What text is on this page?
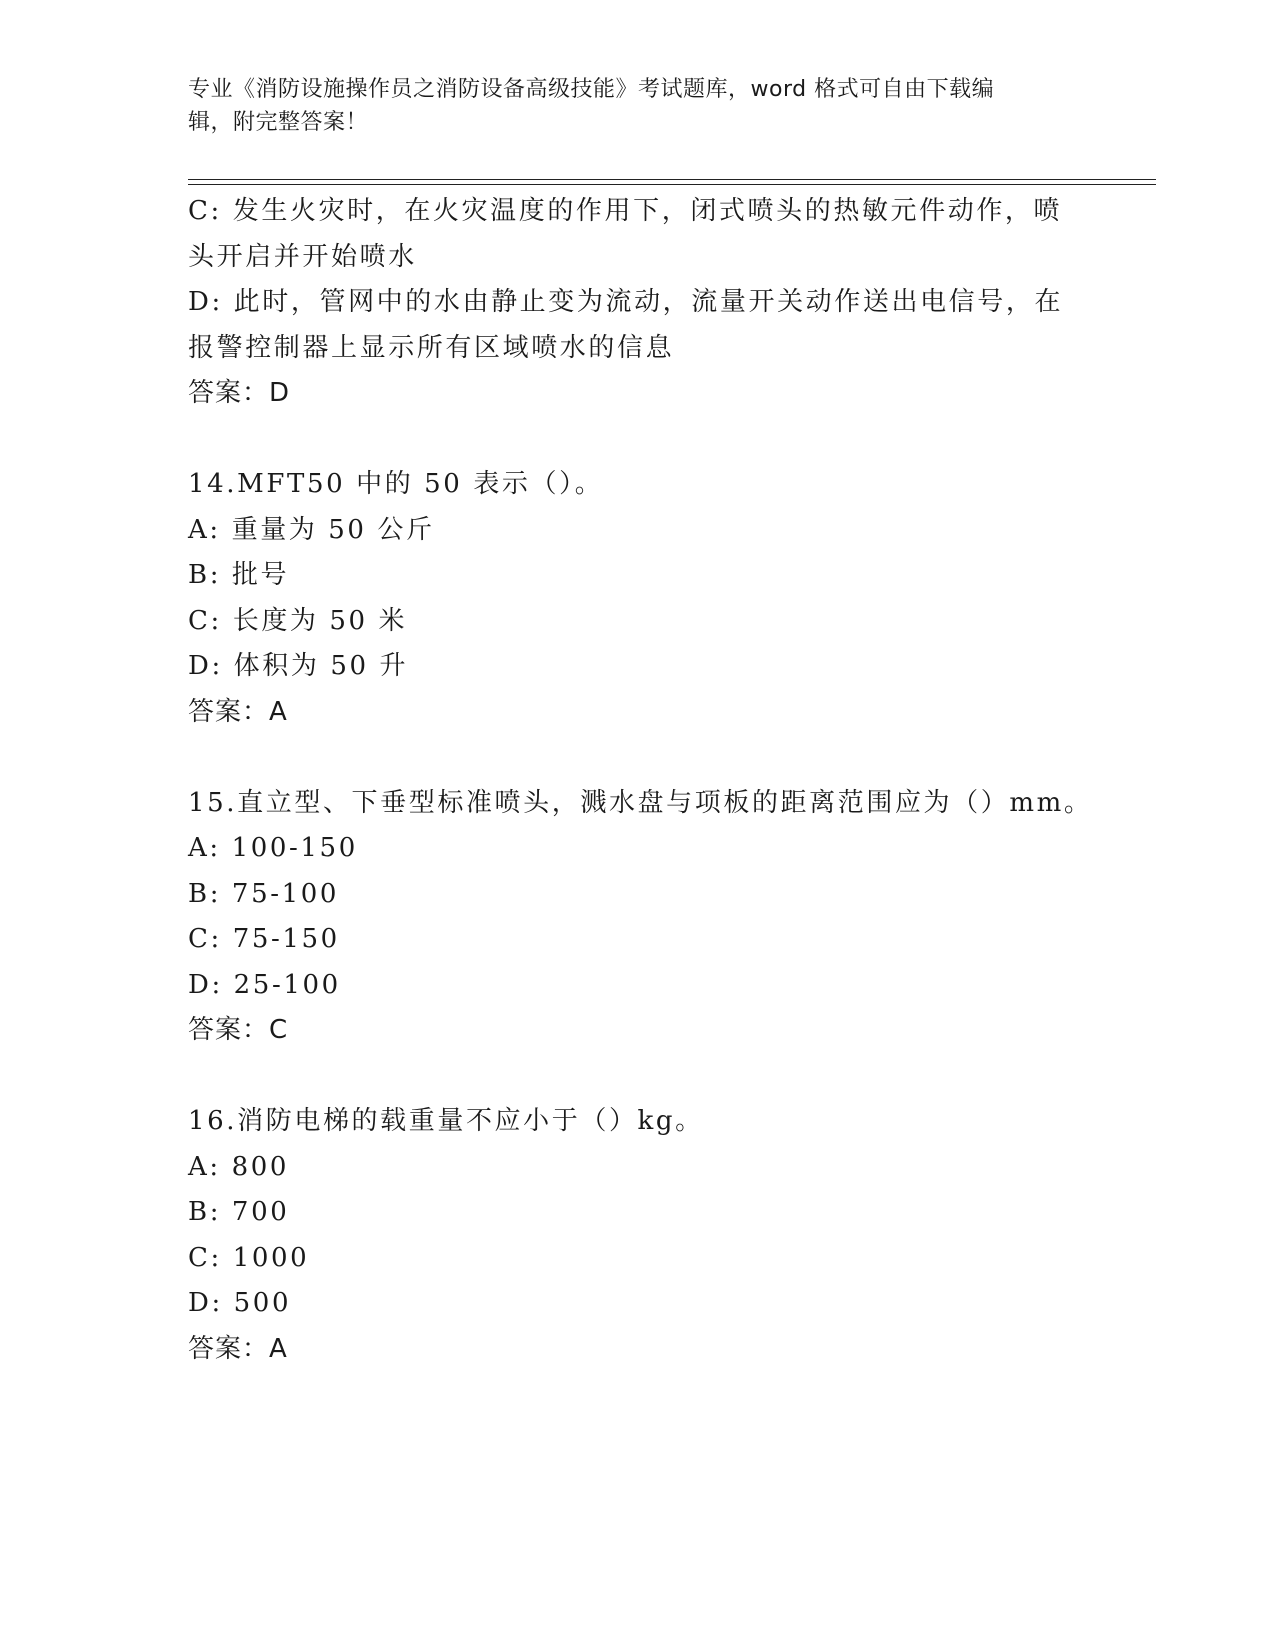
专业《消防设施操作员之消防设备高级技能》考试题库，word 格式可自由下载编
辑，附完整答案！
C: 发生火灾时，在火灾温度的作用下，闭式喷头的热敏元件动作，喷
头开启并开始喷水
D: 此时，管网中的水由静止变为流动，流量开关动作送出电信号，在
报警控制器上显示所有区域喷水的信息
答案：D
14.MFT50 中的 50 表示（）。
A: 重量为 50 公斤
B: 批号
C: 长度为 50 米
D: 体积为 50 升
答案：A
15.直立型、下垂型标准喷头，溅水盘与项板的距离范围应为（）mm。
A: 100-150
B: 75-100
C: 75-150
D: 25-100
答案：C
16.消防电梯的载重量不应小于（）kg。
A: 800
B: 700
C: 1000
D: 500
答案：A
